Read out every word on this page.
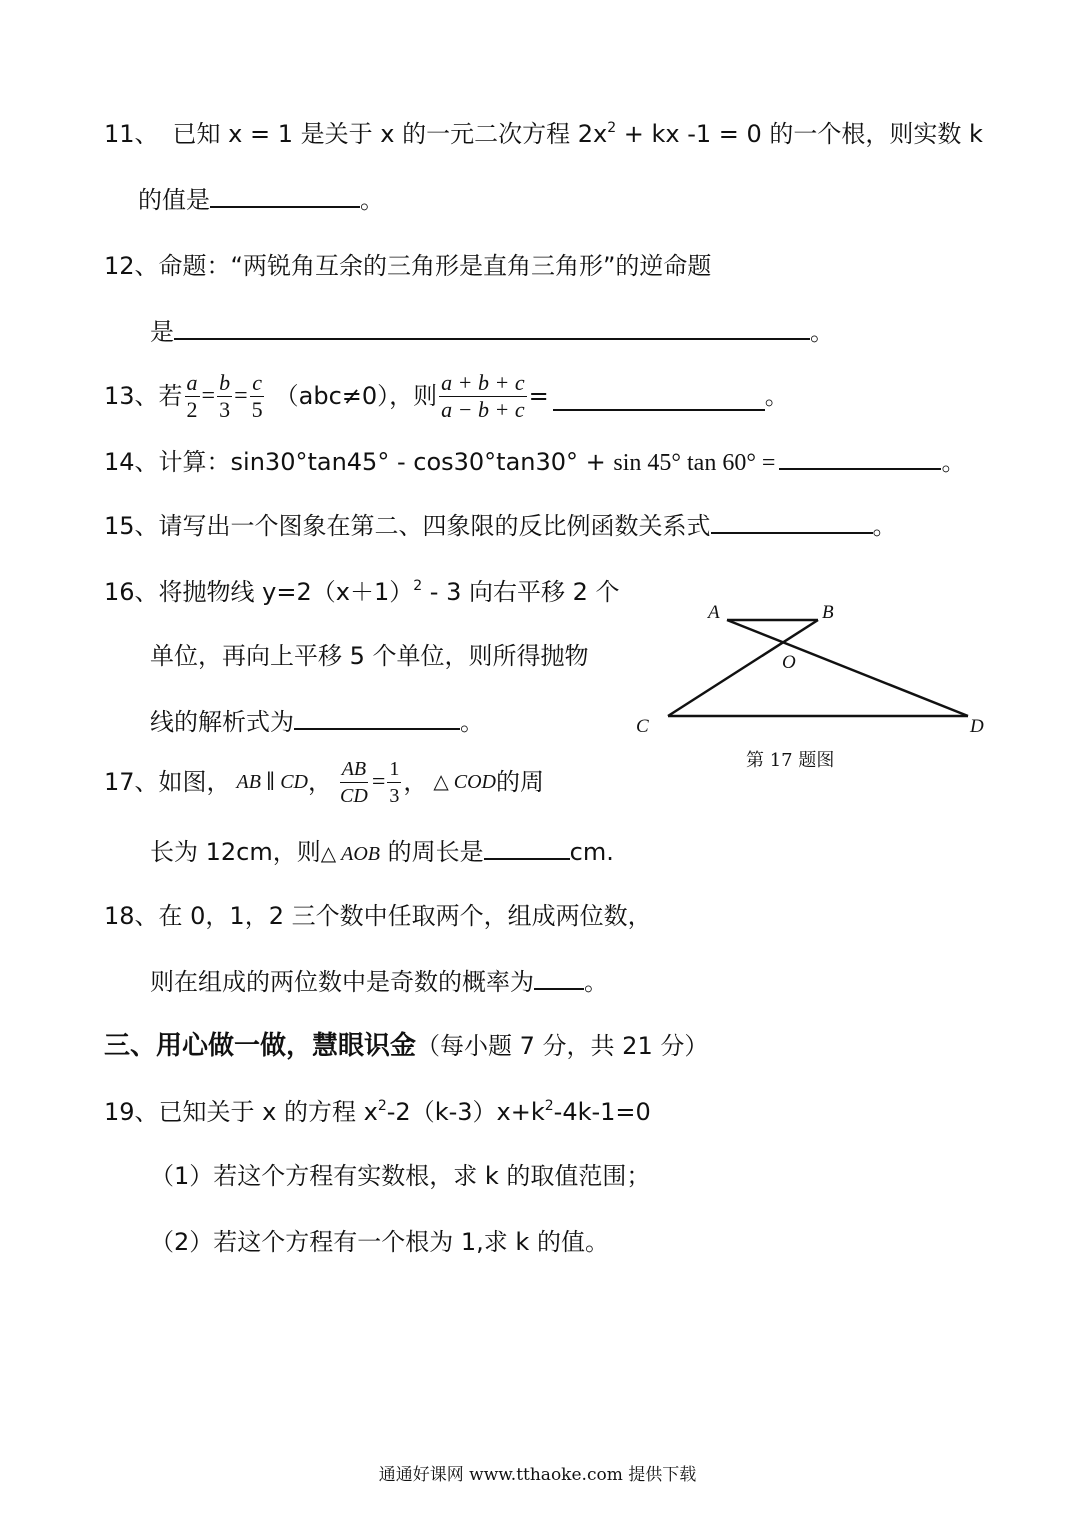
11、 已知 x = 1 是关于 x 的一元二次方程 $2x^2$ + kx -1 = 0 的一个根，则实数 k
的值是	。
12、命题：“两锐角互余的三角形是直角三角形”的逆命题
是	。
13、若 $\frac{a}{2} = \frac{b}{3} = \frac{c}{5} (abc\ne 0)$，则 $\frac{a + b + c}{a - b + c}$ =	。
14、计算：sin30°tan45° - cos30°tan30° + sin 45° tan 60° =	。
15、请写出一个图象在第二、四象限的反比例函数关系式	。
16、将抛物线 $y=2(x+1)^2 - 3$ 向右平移 2 个
单位，再向上平移 5 个单位，则所得抛物
线的解析式为	。
17、如图， AB ∥ CD ， $\frac{AB}{CD} = \frac{1}{3}$ ， △ COD 的周
长为 12cm，则△ AOB 的周长是	cm.
18、在 0，1，2 三个数中任取两个，组成两位数，
则在组成的两位数中是奇数的概率为 。
三、用心做一做，慧眼识金（每小题 7 分，共 21 分）
19、已知关于 x 的方程 $x^2-2(k-3)x+k^2-4k-1=0$
（1）若这个方程有实数根，求 k 的取值范围；
（2）若这个方程有一个根为 1,求 k 的值。
A	B
O
C	D
第 17 题图
通通好课网 www.tthaoke.com 提供下载
